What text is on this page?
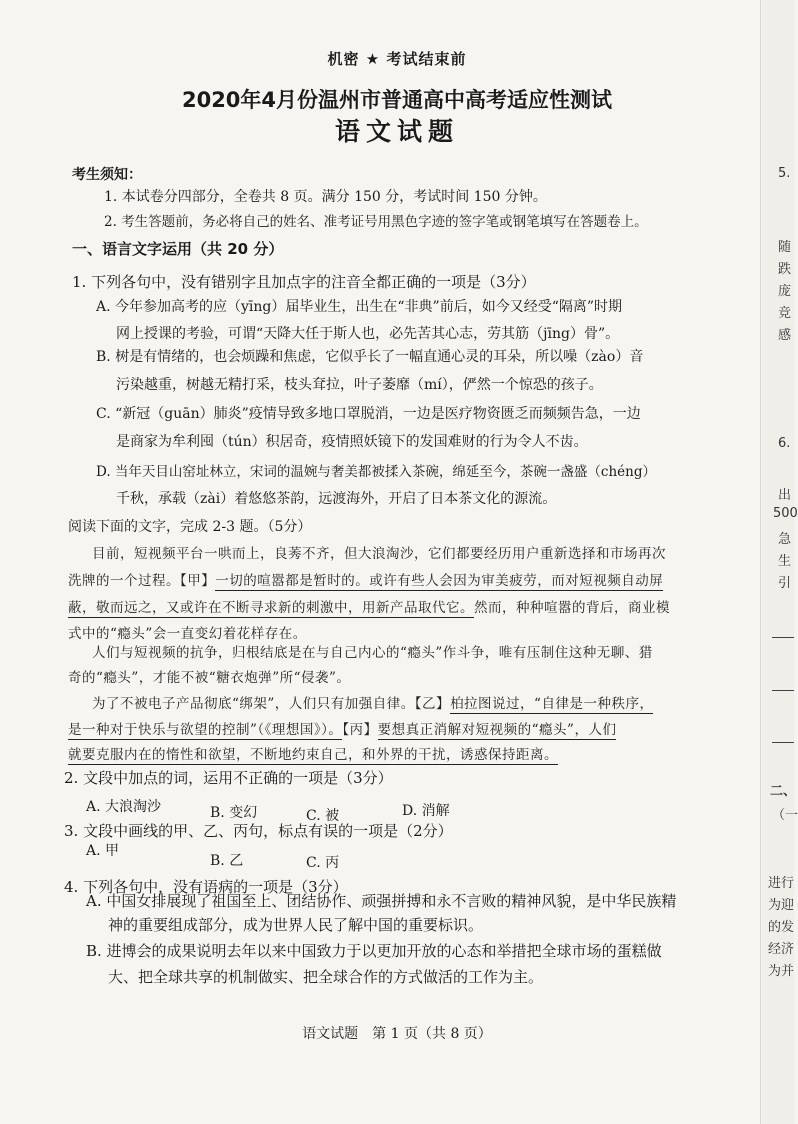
5.
随
跌
庞
竞
感
6.
出
500
急
生
引
二、
（一
进行
为迎
的发
经济
为并
机密 ★ 考试结束前
2020年4月份温州市普通高中高考适应性测试
语文试题
考生须知：
1. 本试卷分四部分，全卷共 8 页。满分 150 分，考试时间 150 分钟。
2. 考生答题前，务必将自己的姓名、准考证号用黑色字迹的签字笔或钢笔填写在答题卷上。
一、语言文字运用（共 20 分）
1. 下列各句中，没有错别字且加点字的注音全都正确的一项是（3分）
A. 今年参加高考的应（yīng）届毕业生，出生在“非典”前后，如今又经受“隔离”时期
网上授课的考验，可谓“天降大任于斯人也，必先苦其心志，劳其筋（jīng）骨”。
B. 树是有情绪的，也会烦躁和焦虑，它似乎长了一幅直通心灵的耳朵，所以噪（zào）音
污染越重，树越无精打采，枝头耷拉，叶子萎靡（mí），俨然一个惊恐的孩子。
C. “新冠（guān）肺炎”疫情导致多地口罩脱消，一边是医疗物资匮乏而频频告急，一边
是商家为牟利囤（tún）积居奇，疫情照妖镜下的发国难财的行为令人不齿。
D. 当年天目山窑址林立，宋词的温婉与奢美都被揉入茶碗，绵延至今，茶碗一盏盛（chéng）
千秋，承载（zài）着悠悠茶韵，远渡海外，开启了日本茶文化的源流。
阅读下面的文字，完成 2-3 题。（5分）
目前，短视频平台一哄而上，良莠不齐，但大浪淘沙，它们都要经历用户重新选择和市场再次
洗牌的一个过程。【甲】一切的喧嚣都是暂时的。或许有些人会因为审美疲劳，而对短视频自动屏
蔽，敬而远之，又或许在不断寻求新的刺激中，用新产品取代它。然而，种种喧嚣的背后，商业模
式中的“瘾头”会一直变幻着花样存在。
人们与短视频的抗争，归根结底是在与自己内心的“瘾头”作斗争，唯有压制住这种无聊、猎
奇的“瘾头”，才能不被“糖衣炮弹”所“侵袭”。
为了不被电子产品彻底“绑架”，人们只有加强自律。【乙】柏拉图说过，“自律是一种秩序，
是一种对于快乐与欲望的控制”（《理想国》）。【丙】要想真正消解对短视频的“瘾头”，人们
就要克服内在的惰性和欲望，不断地约束自己，和外界的干扰，诱惑保持距离。
2. 文段中加点的词，运用不正确的一项是（3分）
A. 大浪淘沙	B. 变幻	C. 被	D. 消解
3. 文段中画线的甲、乙、丙句，标点有误的一项是（2分）
A. 甲
B. 乙	C. 丙
4. 下列各句中，没有语病的一项是（3分）
A. 中国女排展现了祖国至上、团结协作、顽强拼搏和永不言败的精神风貌，是中华民族精
神的重要组成部分，成为世界人民了解中国的重要标识。
B. 进博会的成果说明去年以来中国致力于以更加开放的心态和举措把全球市场的蛋糕做
大、把全球共享的机制做实、把全球合作的方式做活的工作为主。
语文试题　第 1 页（共 8 页）
